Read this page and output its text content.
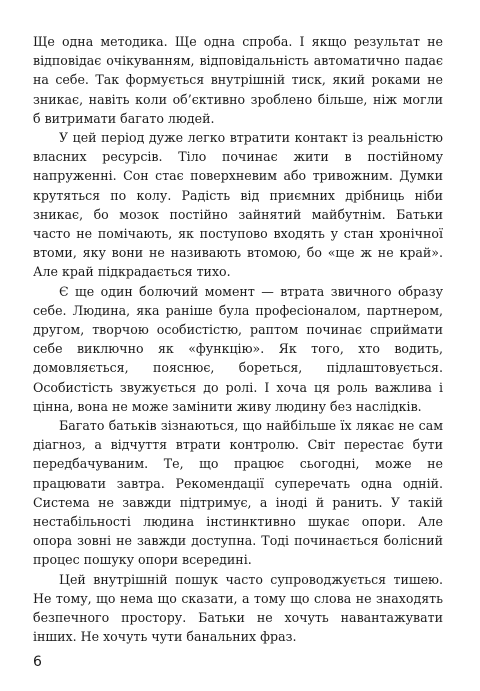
Ще одна методика. Ще одна спроба. І якщо результат не відповідає очікуванням, відповідальність автоматично падає на себе. Так формується внутрішній тиск, який роками не зникає, навіть коли об’єктивно зроблено більше, ніж могли б витримати багато людей.

У цей період дуже легко втратити контакт із реальністю власних ресурсів. Тіло починає жити в постійному напруженні. Сон стає поверхневим або тривожним. Думки крутяться по колу. Радість від приємних дрібниць ніби зникає, бо мозок постійно зайнятий майбутнім. Батьки часто не помічають, як поступово входять у стан хронічної втоми, яку вони не називають втомою, бо «ще ж не край». Але край підкрадається тихо.

Є ще один болючий момент — втрата звичного образу себе. Людина, яка раніше була професіоналом, партнером, другом, творчою особистістю, раптом починає сприймати себе виключно як «функцію». Як того, хто водить, домовляється, пояснює, бореться, підлаштовується. Особистість звужується до ролі. І хоча ця роль важлива і цінна, вона не може замінити живу людину без наслідків.

Багато батьків зізнаються, що найбільше їх лякає не сам діагноз, а відчуття втрати контролю. Світ перестає бути передбачуваним. Те, що працює сьогодні, може не працювати завтра. Рекомендації суперечать одна одній. Система не завжди підтримує, а іноді й ранить. У такій нестабільності людина інстинктивно шукає опори. Але опора зовні не завжди доступна. Тоді починається болісний процес пошуку опори всередині.

Цей внутрішній пошук часто супроводжується тишею. Не тому, що нема що сказати, а тому що слова не знаходять безпечного простору. Батьки не хочуть навантажувати інших. Не хочуть чути банальних фраз.

6
